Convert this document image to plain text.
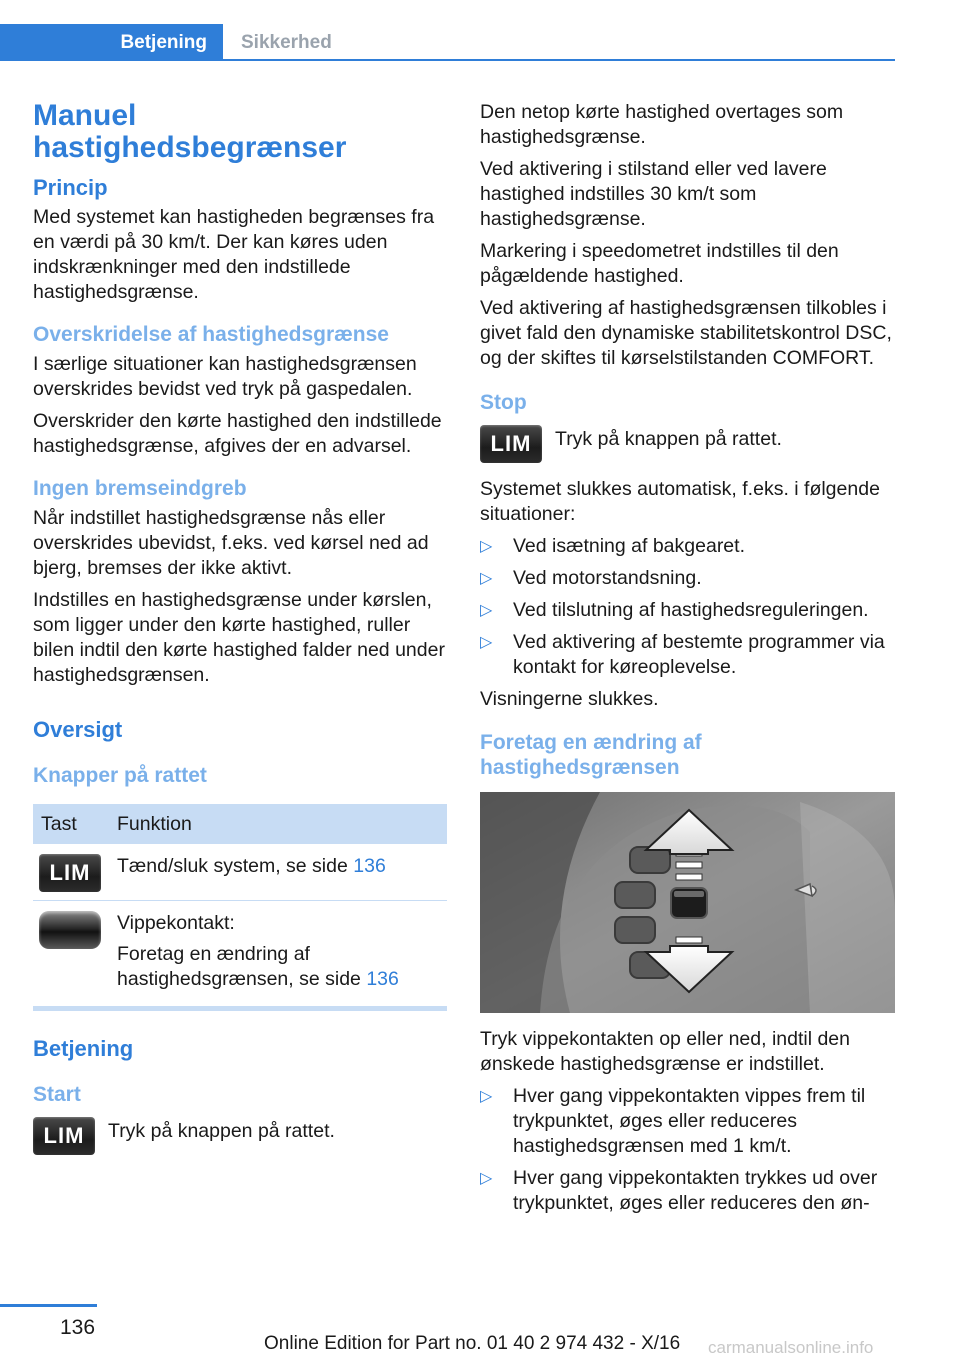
Betjening	Sikkerhed
Manuel hastighedsbegrænser
Princip

Med systemet kan hastigheden begrænses fra en værdi på 30 km/t. Der kan køres uden indskrænkninger med den indstillede hastighedsgrænse.

Overskridelse af hastighedsgrænse

I særlige situationer kan hastighedsgrænsen overskrides bevidst ved tryk på gaspedalen.

Overskrider den kørte hastighed den indstillede hastighedsgrænse, afgives der en advarsel.

Ingen bremseindgreb

Når indstillet hastighedsgrænse nås eller overskrides ubevidst, f.eks. ved kørsel ned ad bjerg, bremses der ikke aktivt.

Indstilles en hastighedsgrænse under kørslen, som ligger under den kørte hastighed, ruller bilen indtil den kørte hastighed falder ned under hastighedsgrænsen.

Oversigt
Knapper på rattet
Tast	Funktion
LIM	Tænd/sluk system, se side 136

	Vippekontakt:

Foretag en ændring af hastighedsgrænsen, se side 136

Betjening
Start
LIM	Tryk på knappen på rattet.

Den netop kørte hastighed overtages som hastighedsgrænse.

Ved aktivering i stilstand eller ved lavere hastighed indstilles 30 km/t som hastighedsgrænse.

Markering i speedometret indstilles til den pågældende hastighed.

Ved aktivering af hastighedsgrænsen tilkobles i givet fald den dynamiske stabilitetskontrol DSC, og der skiftes til kørselstilstanden COMFORT.

Stop
LIM	Tryk på knappen på rattet.

Systemet slukkes automatisk, f.eks. i følgende situationer:

▷ Ved isætning af bakgearet.
▷ Ved motorstandsning.
▷ Ved tilslutning af hastighedsreguleringen.
▷ Ved aktivering af bestemte programmer via kontakt for køreoplevelse.

Visningerne slukkes.

Foretag en ændring af hastighedsgrænsen

Tryk vippekontakten op eller ned, indtil den ønskede hastighedsgrænse er indstillet.

▷ Hver gang vippekontakten vippes frem til trykpunktet, øges eller reduceres hastighedsgrænsen med 1 km/t.
▷ Hver gang vippekontakten trykkes ud over trykpunktet, øges eller reduceres den øn-
136
Online Edition for Part no. 01 40 2 974 432 - X/16 carmanualsonline.info
